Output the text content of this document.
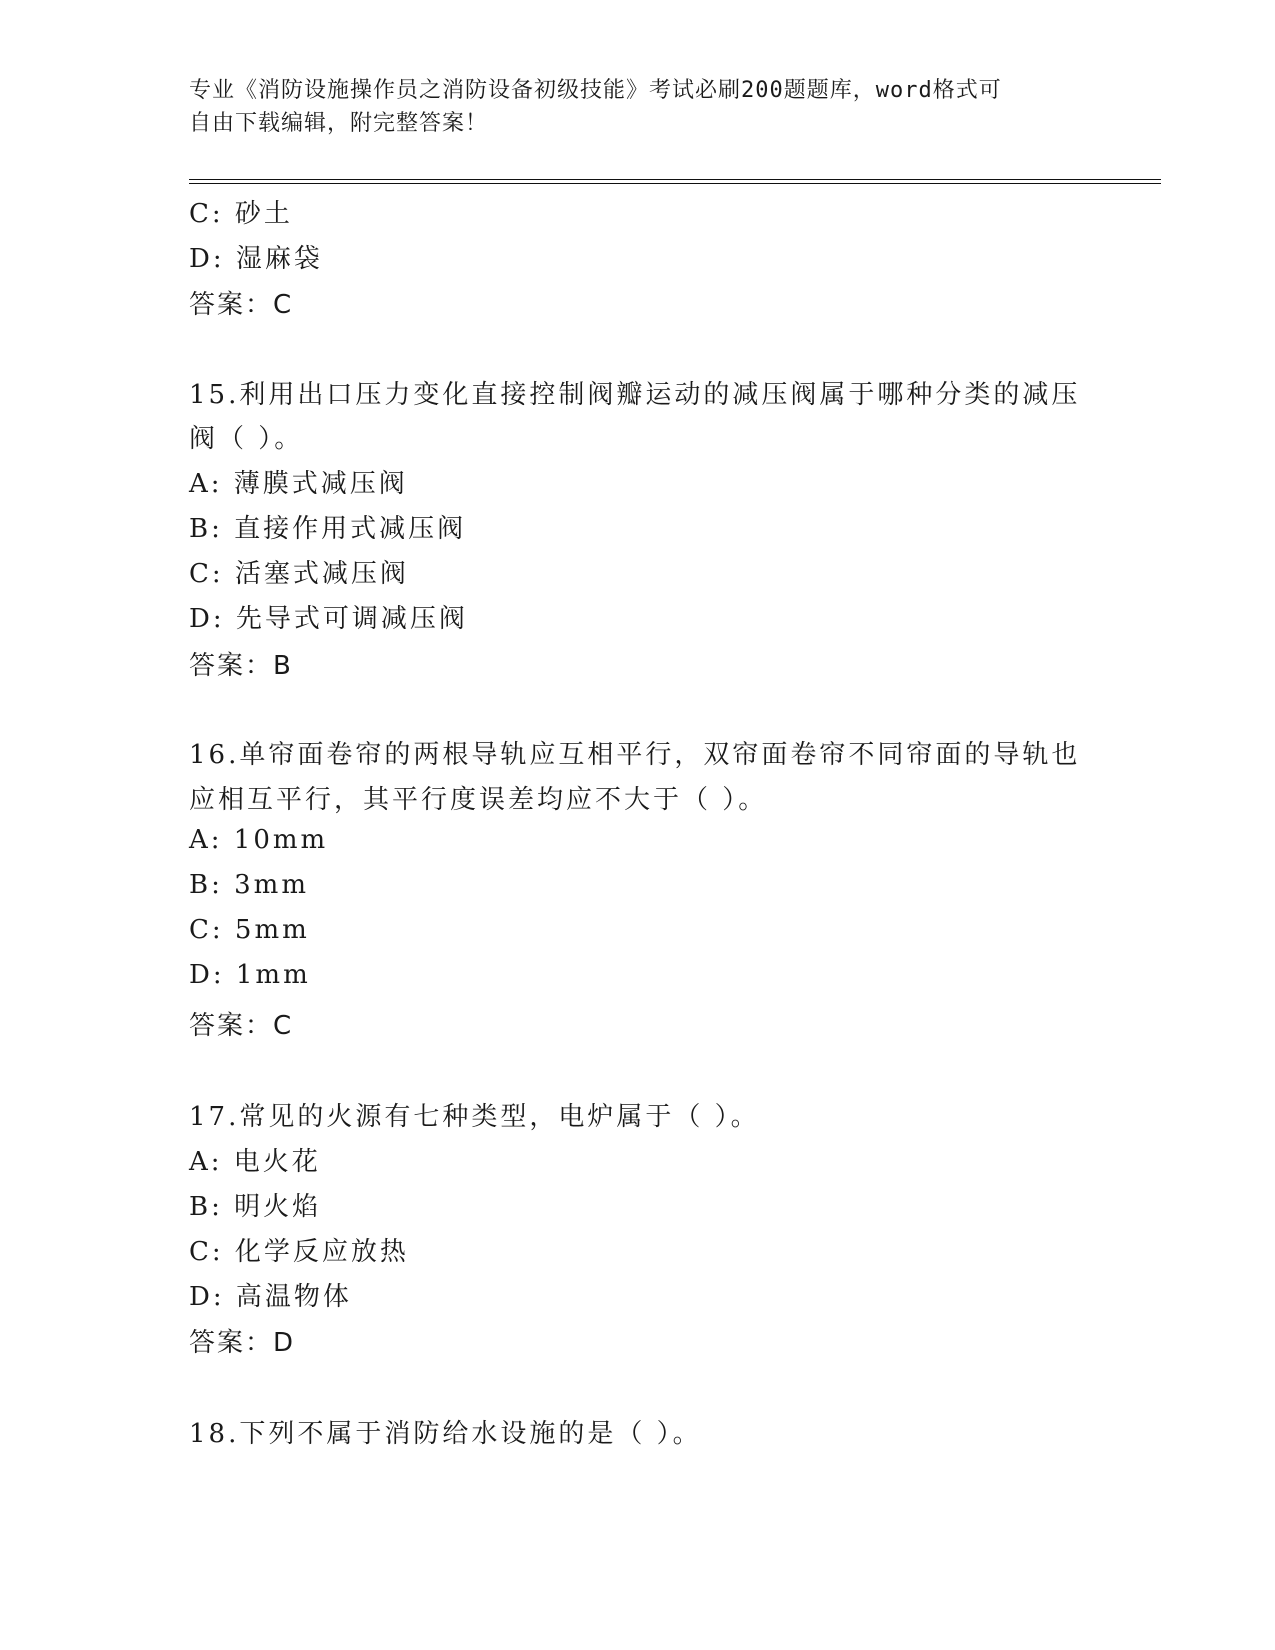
专业《消防设施操作员之消防设备初级技能》考试必刷200题题库，word格式可
自由下载编辑，附完整答案！
C: 砂土
D: 湿麻袋
答案：C
15.利用出口压力变化直接控制阀瓣运动的减压阀属于哪种分类的减压
阀（ ）。
A: 薄膜式减压阀
B: 直接作用式减压阀
C: 活塞式减压阀
D: 先导式可调减压阀
答案：B
16.单帘面卷帘的两根导轨应互相平行，双帘面卷帘不同帘面的导轨也
应相互平行，其平行度误差均应不大于（ ）。
A: 10mm
B: 3mm
C: 5mm
D: 1mm
答案：C
17.常见的火源有七种类型，电炉属于（ ）。
A: 电火花
B: 明火焰
C: 化学反应放热
D: 高温物体
答案：D
18.下列不属于消防给水设施的是（ ）。
